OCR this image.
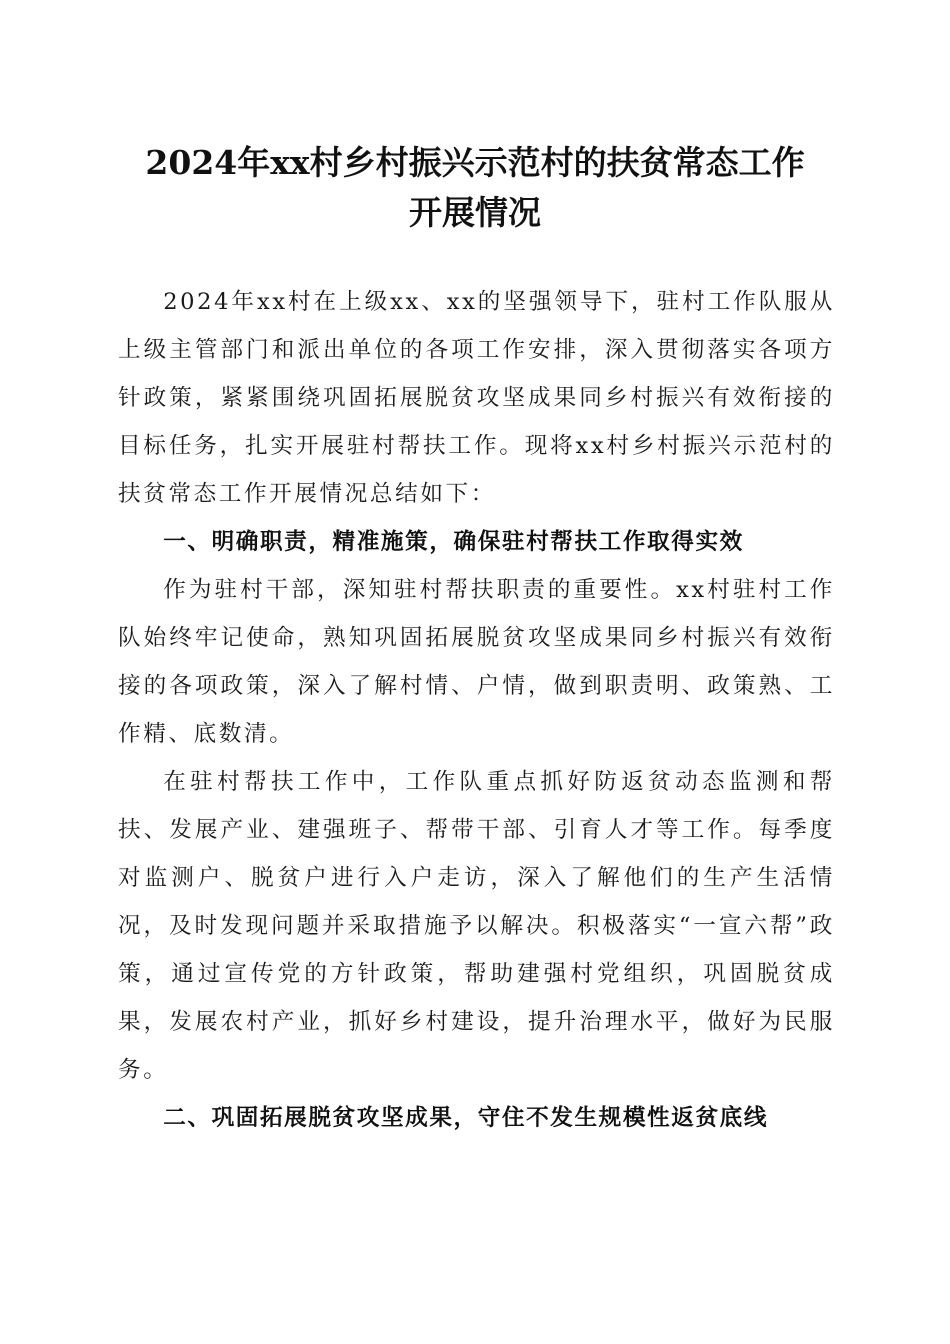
2024年xx村乡村振兴示范村的扶贫常态工作
开展情况

2024年xx村在上级xx、xx的坚强领导下，驻村工作队服从上级主管部门和派出单位的各项工作安排，深入贯彻落实各项方针政策，紧紧围绕巩固拓展脱贫攻坚成果同乡村振兴有效衔接的目标任务，扎实开展驻村帮扶工作。现将xx村乡村振兴示范村的扶贫常态工作开展情况总结如下：

一、明确职责，精准施策，确保驻村帮扶工作取得实效

作为驻村干部，深知驻村帮扶职责的重要性。xx村驻村工作队始终牢记使命，熟知巩固拓展脱贫攻坚成果同乡村振兴有效衔接的各项政策，深入了解村情、户情，做到职责明、政策熟、工作精、底数清。

在驻村帮扶工作中，工作队重点抓好防返贫动态监测和帮扶、发展产业、建强班子、帮带干部、引育人才等工作。每季度对监测户、脱贫户进行入户走访，深入了解他们的生产生活情况，及时发现问题并采取措施予以解决。积极落实“一宣六帮”政策，通过宣传党的方针政策，帮助建强村党组织，巩固脱贫成果，发展农村产业，抓好乡村建设，提升治理水平，做好为民服务。

二、巩固拓展脱贫攻坚成果，守住不发生规模性返贫底线
